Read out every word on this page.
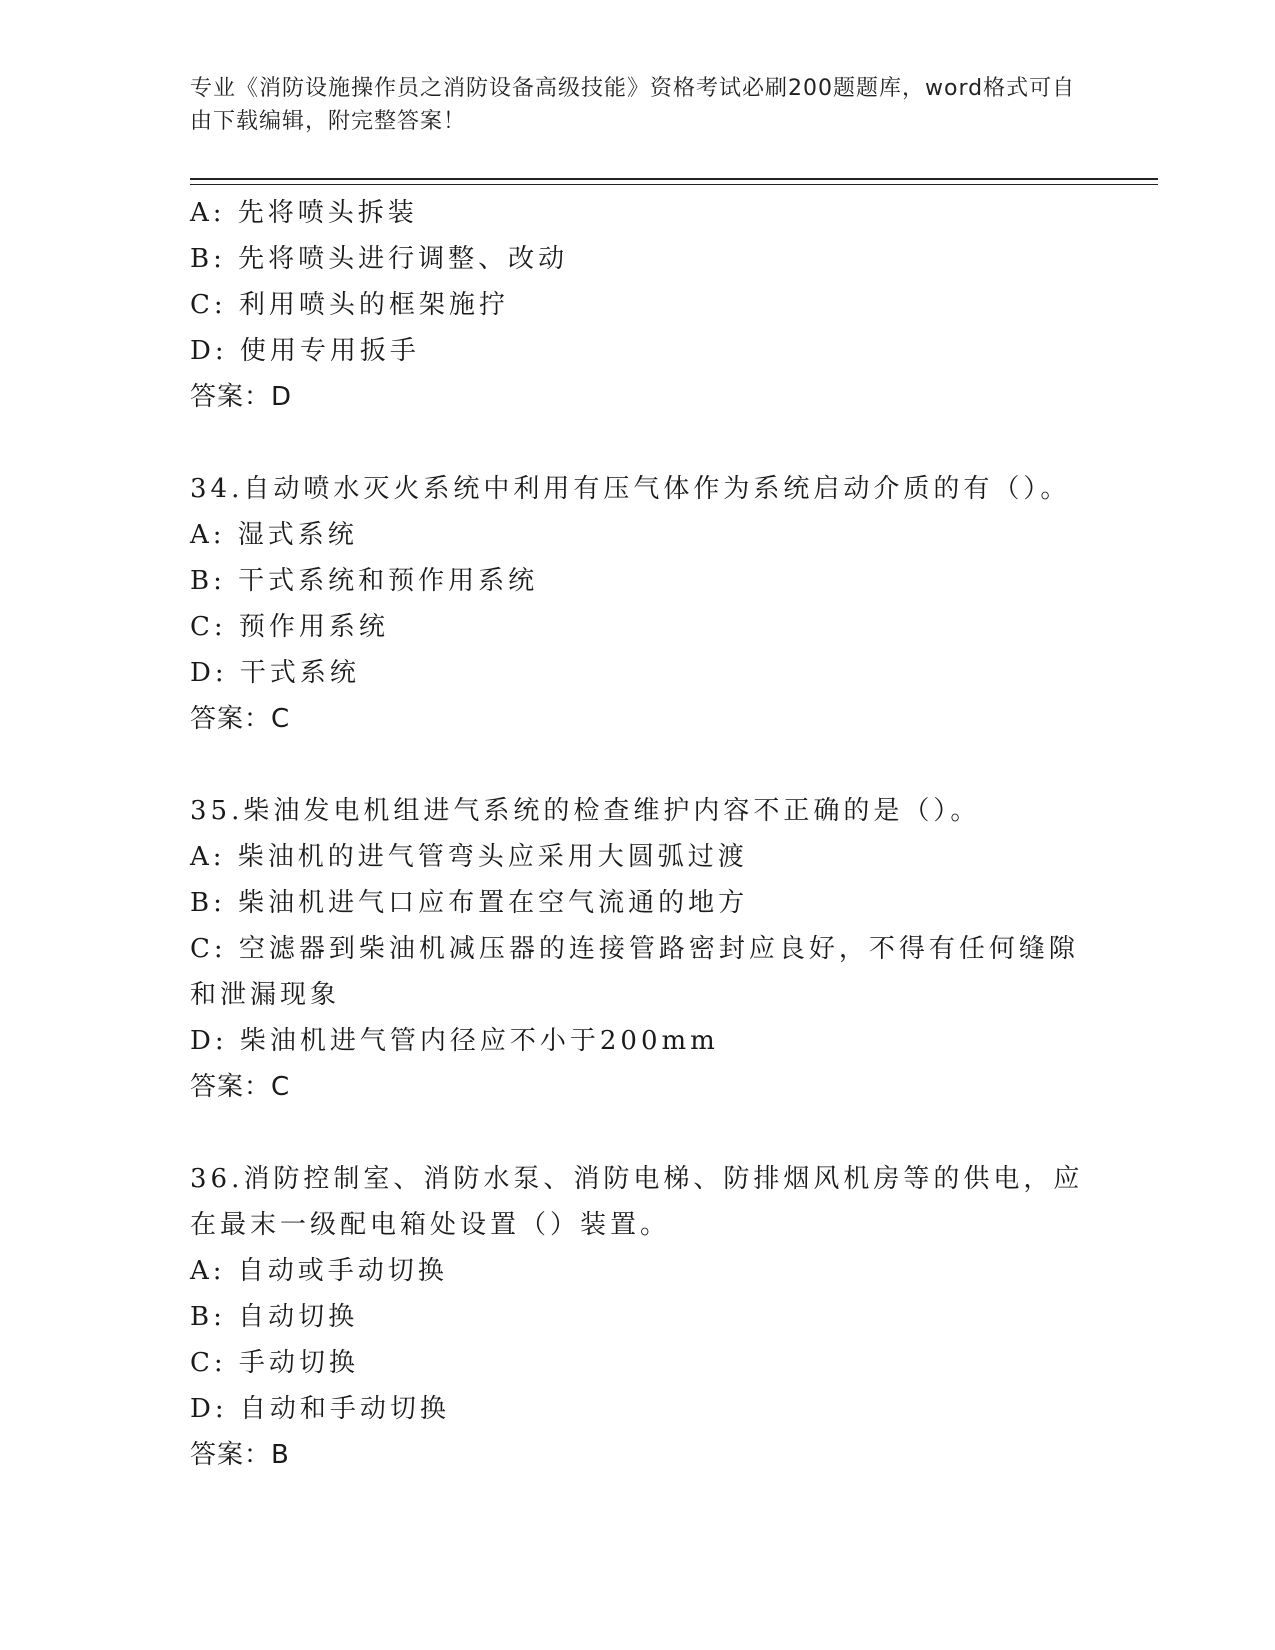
专业《消防设施操作员之消防设备高级技能》资格考试必刷200题题库，word格式可自由下载编辑，附完整答案！
A: 先将喷头拆装
B: 先将喷头进行调整、改动
C: 利用喷头的框架施拧
D: 使用专用扳手
答案：D
34.自动喷水灭火系统中利用有压气体作为系统启动介质的有（）。
A: 湿式系统
B: 干式系统和预作用系统
C: 预作用系统
D: 干式系统
答案：C
35.柴油发电机组进气系统的检查维护内容不正确的是（）。
A: 柴油机的进气管弯头应采用大圆弧过渡
B: 柴油机进气口应布置在空气流通的地方
C: 空滤器到柴油机减压器的连接管路密封应良好，不得有任何缝隙和泄漏现象
D: 柴油机进气管内径应不小于200mm
答案：C
36.消防控制室、消防水泵、消防电梯、防排烟风机房等的供电，应在最末一级配电箱处设置（）装置。
A: 自动或手动切换
B: 自动切换
C: 手动切换
D: 自动和手动切换
答案：B
